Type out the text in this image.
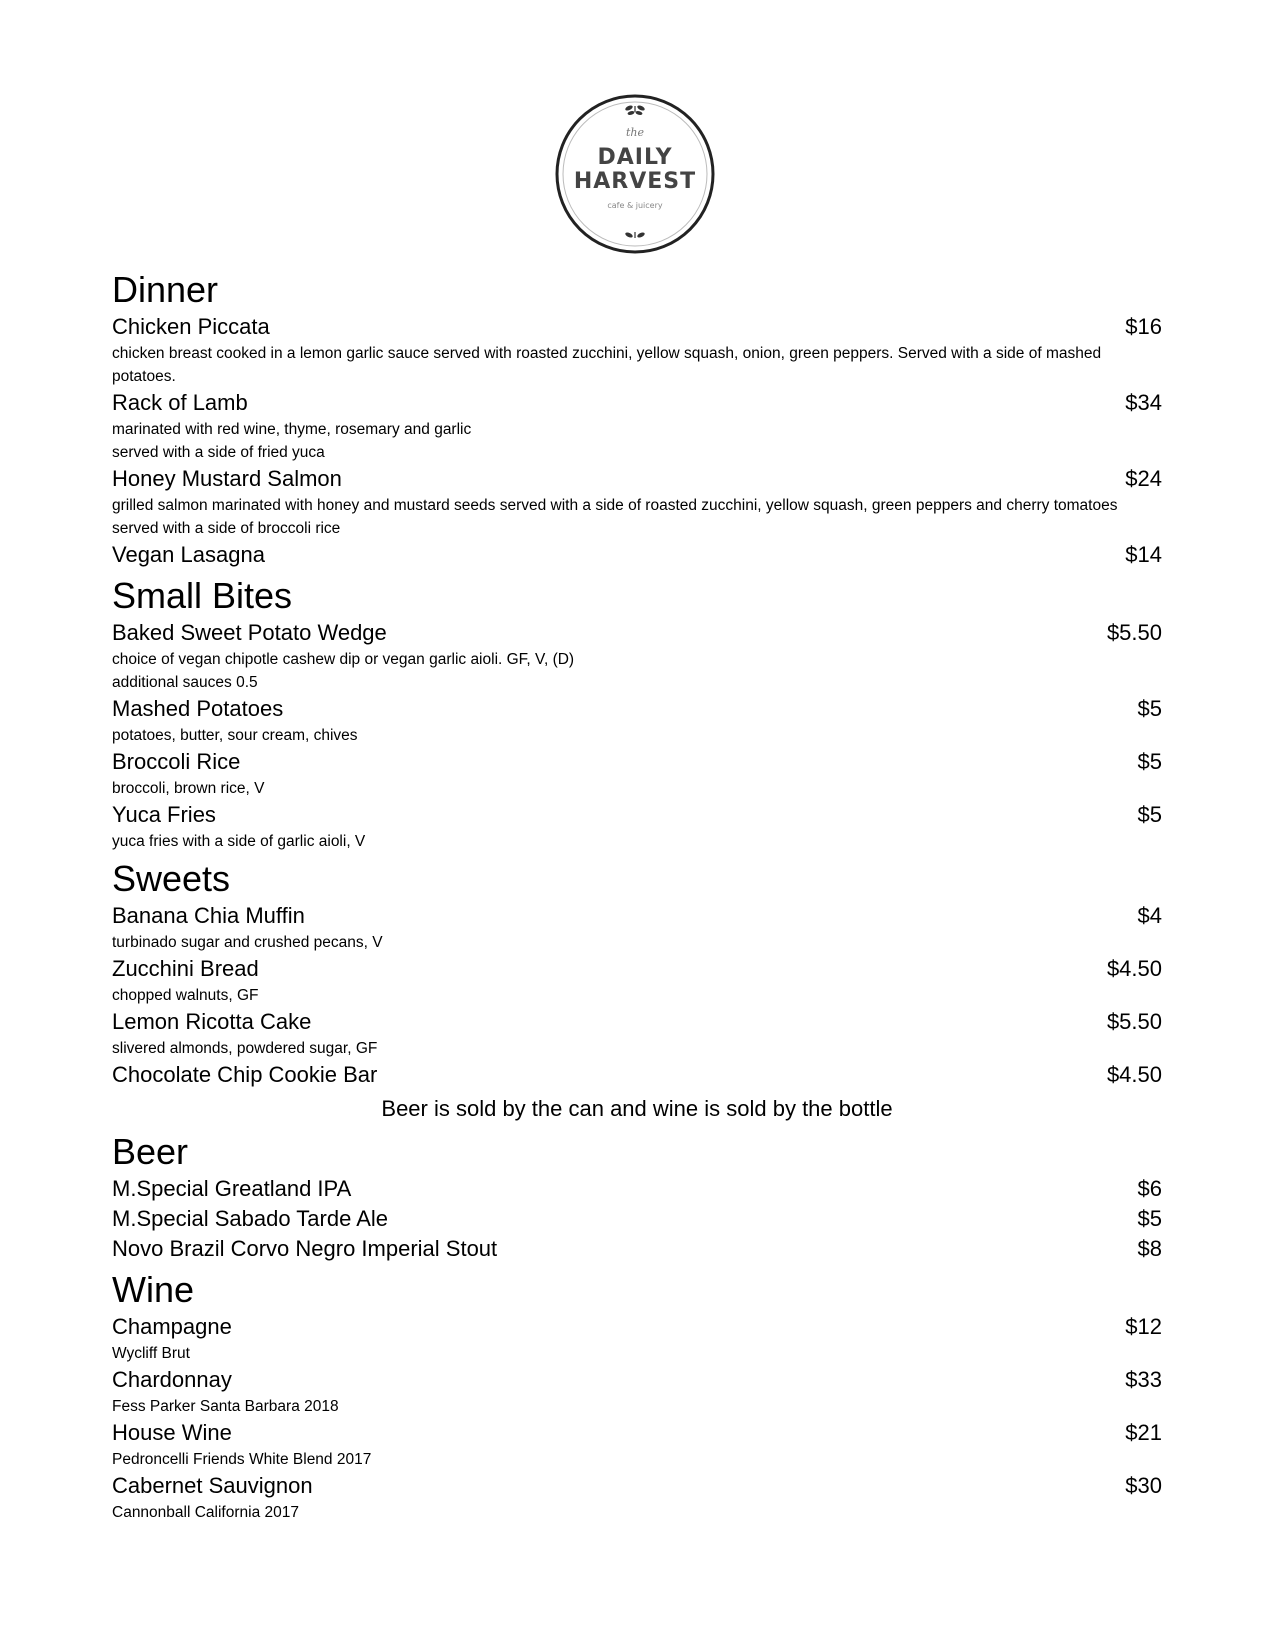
the
DAILY
HARVEST
cafe & juicery
Dinner
Chicken Piccata	$16

chicken breast cooked in a lemon garlic sauce served with roasted zucchini, yellow squash, onion, green peppers. Served with a side of mashed potatoes.

Rack of Lamb	$34

marinated with red wine, thyme, rosemary and garlic

served with a side of fried yuca

Honey Mustard Salmon	$24

grilled salmon marinated with honey and mustard seeds served with a side of roasted zucchini, yellow squash, green peppers and cherry tomatoes

served with a side of broccoli rice

Vegan Lasagna	$14
Small Bites
Baked Sweet Potato Wedge	$5.50

choice of vegan chipotle cashew dip or vegan garlic aioli. GF, V, (D)

additional sauces 0.5

Mashed Potatoes	$5

potatoes, butter, sour cream, chives

Broccoli Rice	$5

broccoli, brown rice, V

Yuca Fries	$5

yuca fries with a side of garlic aioli, V

Sweets
Banana Chia Muffin	$4

turbinado sugar and crushed pecans, V

Zucchini Bread	$4.50

chopped walnuts, GF

Lemon Ricotta Cake	$5.50

slivered almonds, powdered sugar, GF

Chocolate Chip Cookie Bar	$4.50
Beer is sold by the can and wine is sold by the bottle
Beer
M.Special Greatland IPA	$6
M.Special Sabado Tarde Ale	$5
Novo Brazil Corvo Negro Imperial Stout	$8
Wine
Champagne	$12

Wycliff Brut

Chardonnay	$33

Fess Parker Santa Barbara 2018

House Wine	$21

Pedroncelli Friends White Blend 2017

Cabernet Sauvignon	$30

Cannonball California 2017
